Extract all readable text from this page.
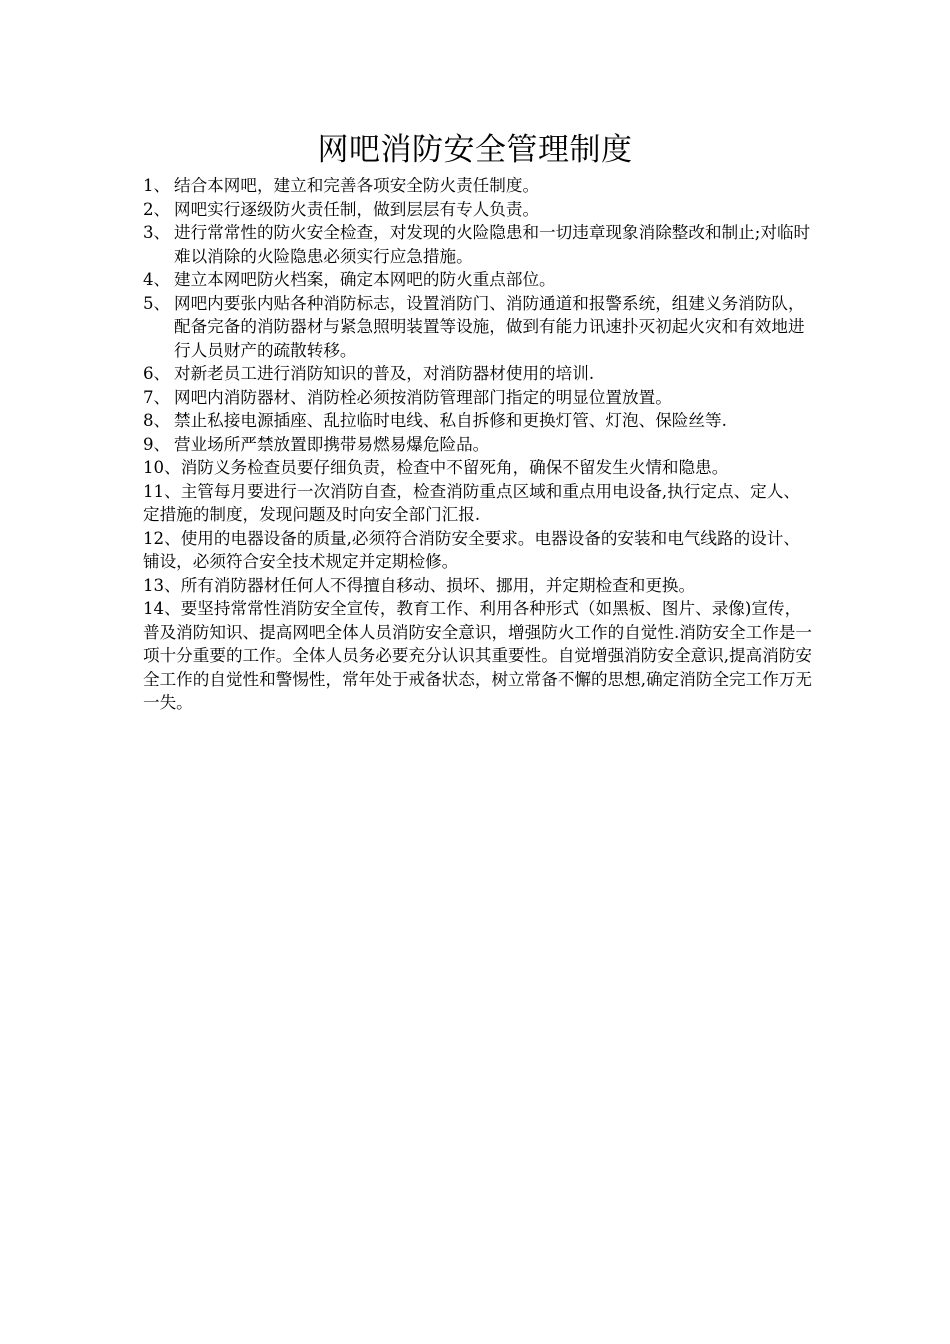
网吧消防安全管理制度

1、 结合本网吧，建立和完善各项安全防火责任制度。

2、 网吧实行逐级防火责任制，做到层层有专人负责。

3、 进行常常性的防火安全检查，对发现的火险隐患和一切违章现象消除整改和制止;对临时难以消除的火险隐患必须实行应急措施。

4、 建立本网吧防火档案，确定本网吧的防火重点部位。

5、 网吧内要张内贴各种消防标志，设置消防门、消防通道和报警系统，组建义务消防队，配备完备的消防器材与紧急照明装置等设施，做到有能力讯速扑灭初起火灾和有效地进行人员财产的疏散转移。

6、 对新老员工进行消防知识的普及，对消防器材使用的培训.

7、 网吧内消防器材、消防栓必须按消防管理部门指定的明显位置放置。

8、 禁止私接电源插座、乱拉临时电线、私自拆修和更换灯管、灯泡、保险丝等.

9、 营业场所严禁放置即携带易燃易爆危险品。

10、消防义务检查员要仔细负责，检查中不留死角，确保不留发生火情和隐患。

11、主管每月要进行一次消防自查，检查消防重点区域和重点用电设备,执行定点、定人、定措施的制度，发现问题及时向安全部门汇报.

12、使用的电器设备的质量,必须符合消防安全要求。电器设备的安装和电气线路的设计、铺设，必须符合安全技术规定并定期检修。

13、所有消防器材任何人不得擅自移动、损坏、挪用，并定期检查和更换。

14、要坚持常常性消防安全宣传，教育工作、利用各种形式（如黑板、图片、录像)宣传，普及消防知识、提高网吧全体人员消防安全意识，增强防火工作的自觉性.消防安全工作是一项十分重要的工作。全体人员务必要充分认识其重要性。自觉增强消防安全意识,提高消防安全工作的自觉性和警惕性，常年处于戒备状态，树立常备不懈的思想,确定消防全完工作万无一失。
